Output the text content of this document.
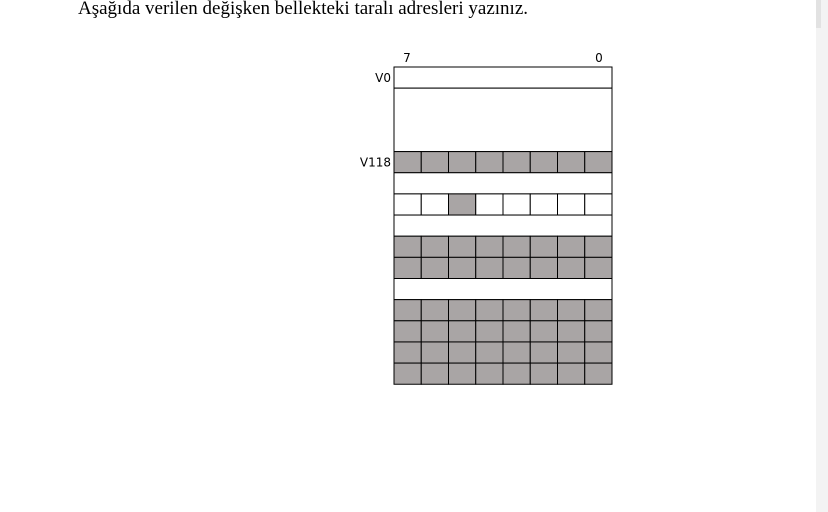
Aşağıda verilen değişken bellekteki taralı adresleri yazınız.

7	0
V0
V118
